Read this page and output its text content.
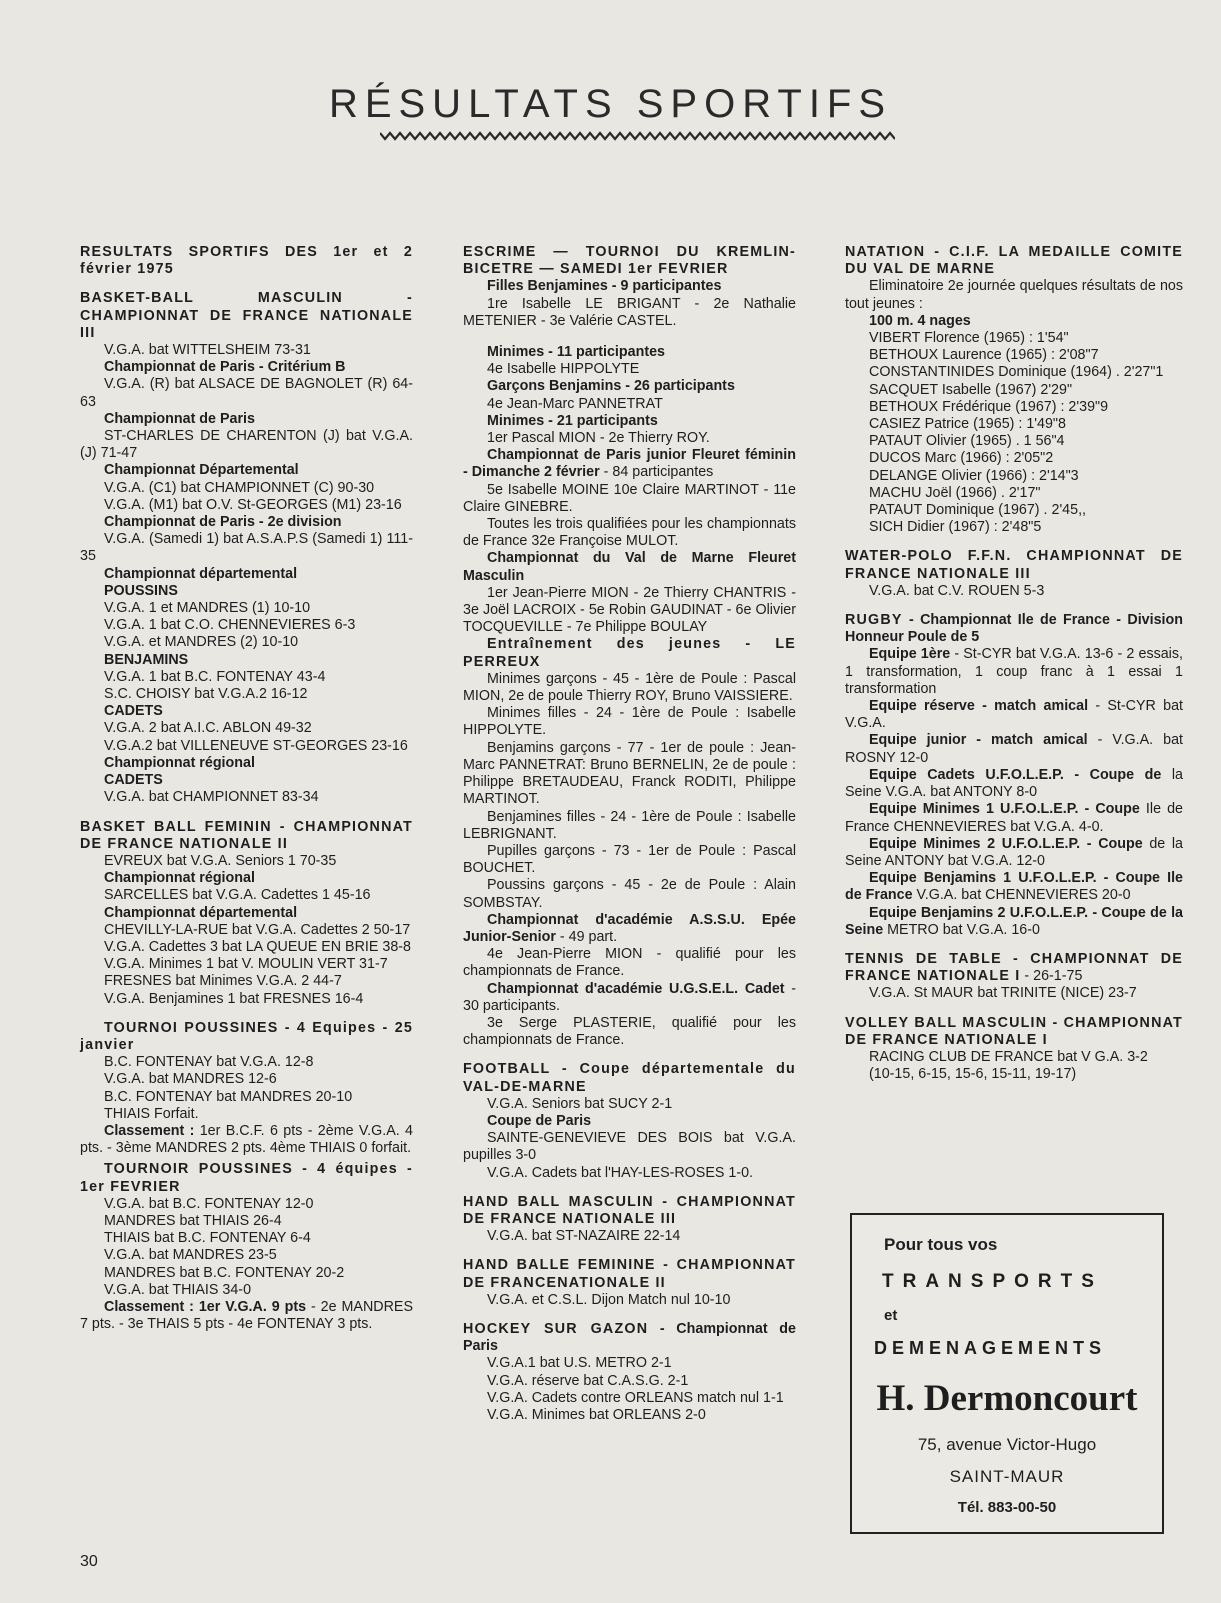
RÉSULTATS SPORTIFS
RESULTATS SPORTIFS DES 1er et 2 février 1975
BASKET-BALL MASCULIN - CHAMPIONNAT DE FRANCE NATIONALE III
V.G.A. bat WITTELSHEIM 73-31
Championnat de Paris - Critérium B
V.G.A. (R) bat ALSACE DE BAGNOLET (R) 64-63
Championnat de Paris
ST-CHARLES DE CHARENTON (J) bat V.G.A. (J) 71-47
Championnat Départemental
V.G.A. (C1) bat CHAMPIONNET (C) 90-30
V.G.A. (M1) bat O.V. St-GEORGES (M1) 23-16
Championnat de Paris - 2e division
V.G.A. (Samedi 1) bat A.S.A.P.S (Samedi 1) 111-35
Championnat départemental
POUSSINS
V.G.A. 1 et MANDRES (1) 10-10
V.G.A. 1 bat C.O. CHENNEVIERES 6-3
V.G.A. et MANDRES (2) 10-10
BENJAMINS
V.G.A. 1 bat B.C. FONTENAY 43-4
S.C. CHOISY bat V.G.A.2 16-12
CADETS
V.G.A. 2 bat A.I.C. ABLON 49-32
V.G.A.2 bat VILLENEUVE ST-GEORGES 23-16
Championnat régional
CADETS
V.G.A. bat CHAMPIONNET 83-34
BASKET BALL FEMININ - CHAMPIONNAT DE FRANCE NATIONALE II
EVREUX bat V.G.A. Seniors 1 70-35
Championnat régional
SARCELLES bat V.G.A. Cadettes 1 45-16
Championnat départemental
CHEVILLY-LA-RUE bat V.G.A. Cadettes 2 50-17
V.G.A. Cadettes 3 bat LA QUEUE EN BRIE 38-8
V.G.A. Minimes 1 bat V. MOULIN VERT 31-7
FRESNES bat Minimes V.G.A. 2 44-7
V.G.A. Benjamines 1 bat FRESNES 16-4
TOURNOI POUSSINES - 4 Equipes - 25 janvier
B.C. FONTENAY bat V.G.A. 12-8
V.G.A. bat MANDRES 12-6
B.C. FONTENAY bat MANDRES 20-10
THIAIS Forfait.
Classement : 1er B.C.F. 6 pts - 2ème V.G.A. 4 pts. - 3ème MANDRES 2 pts. 4ème THIAIS 0 forfait.
TOURNOIR POUSSINES - 4 équipes - 1er FEVRIER
V.G.A. bat B.C. FONTENAY 12-0
MANDRES bat THIAIS 26-4
THIAIS bat B.C. FONTENAY 6-4
V.G.A. bat MANDRES 23-5
MANDRES bat B.C. FONTENAY 20-2
V.G.A. bat THIAIS 34-0
Classement : 1er V.G.A. 9 pts - 2e MANDRES 7 pts. - 3e THAIS 5 pts - 4e FONTENAY 3 pts.
ESCRIME — TOURNOI DU KREMLIN-BICETRE — SAMEDI 1er FEVRIER
Filles Benjamines - 9 participantes
1re Isabelle LE BRIGANT - 2e Nathalie METENIER - 3e Valérie CASTEL.
Minimes - 11 participantes
4e Isabelle HIPPOLYTE
Garçons Benjamins - 26 participants
4e Jean-Marc PANNETRAT
Minimes - 21 participants
1er Pascal MION - 2e Thierry ROY.
Championnat de Paris junior Fleuret féminin - Dimanche 2 février - 84 participantes
5e Isabelle MOINE 10e Claire MARTINOT - 11e Claire GINEBRE.
Toutes les trois qualifiées pour les championnats de France 32e Françoise MULOT.
Championnat du Val de Marne Fleuret Masculin
1er Jean-Pierre MION - 2e Thierry CHANTRIS - 3e Joël LACROIX - 5e Robin GAUDINAT - 6e Olivier TOCQUEVILLE - 7e Philippe BOULAY
Entraînement des jeunes - LE PERREUX
Minimes garçons - 45 - 1ère de Poule : Pascal MION, 2e de poule Thierry ROY, Bruno VAISSIERE.
Minimes filles - 24 - 1ère de Poule : Isabelle HIPPOLYTE.
Benjamins garçons - 77 - 1er de poule : Jean-Marc PANNETRAT: Bruno BERNELIN, 2e de poule : Philippe BRETAUDEAU, Franck RODITI, Philippe MARTINOT.
Benjamines filles - 24 - 1ère de Poule : Isabelle LEBRIGNANT.
Pupilles garçons - 73 - 1er de Poule : Pascal BOUCHET.
Poussins garçons - 45 - 2e de Poule : Alain SOMBSTAY.
Championnat d'académie A.S.S.U. Epée Junior-Senior - 49 part.
4e Jean-Pierre MION - qualifié pour les championnats de France.
Championnat d'académie U.G.S.E.L. Cadet - 30 participants.
3e Serge PLASTERIE, qualifié pour les championnats de France.
FOOTBALL - Coupe départementale du VAL-DE-MARNE
V.G.A. Seniors bat SUCY 2-1
Coupe de Paris
SAINTE-GENEVIEVE DES BOIS bat V.G.A. pupilles 3-0
V.G.A. Cadets bat l'HAY-LES-ROSES 1-0.
HAND BALL MASCULIN - CHAMPIONNAT DE FRANCE NATIONALE III
V.G.A. bat ST-NAZAIRE 22-14
HAND BALLE FEMININE - CHAMPIONNAT DE FRANCENATIONALE II
V.G.A. et C.S.L. Dijon Match nul 10-10
HOCKEY SUR GAZON - Championnat de Paris
V.G.A.1 bat U.S. METRO 2-1
V.G.A. réserve bat C.A.S.G. 2-1
V.G.A. Cadets contre ORLEANS match nul 1-1
V.G.A. Minimes bat ORLEANS 2-0
NATATION - C.I.F. LA MEDAILLE COMITE DU VAL DE MARNE
Eliminatoire 2e journée quelques résultats de nos tout jeunes :
100 m. 4 nages
VIBERT Florence (1965) : 1'54"
BETHOUX Laurence (1965) : 2'08"7
CONSTANTINIDES Dominique (1964) . 2'27"1
SACQUET Isabelle (1967) 2'29"
BETHOUX Frédérique (1967) : 2'39"9
CASIEZ Patrice (1965) : 1'49"8
PATAUT Olivier (1965) . 1 56"4
DUCOS Marc (1966) : 2'05"2
DELANGE Olivier (1966) : 2'14"3
MACHU Joël (1966) . 2'17"
PATAUT Dominique (1967) . 2'45,,
SICH Didier (1967) : 2'48"5
WATER-POLO F.F.N. CHAMPIONNAT DE FRANCE NATIONALE III
V.G.A. bat C.V. ROUEN 5-3
RUGBY - Championnat Ile de France - Division Honneur Poule de 5
Equipe 1ère - St-CYR bat V.G.A. 13-6 - 2 essais, 1 transformation, 1 coup franc à 1 essai 1 transformation
Equipe réserve - match amical - St-CYR bat V.G.A.
Equipe junior - match amical - V.G.A. bat ROSNY 12-0
Equipe Cadets U.F.O.L.E.P. - Coupe de la Seine V.G.A. bat ANTONY 8-0
Equipe Minimes 1 U.F.O.L.E.P. - Coupe Ile de France CHENNEVIERES bat V.G.A. 4-0.
Equipe Minimes 2 U.F.O.L.E.P. - Coupe de la Seine ANTONY bat V.G.A. 12-0
Equipe Benjamins 1 U.F.O.L.E.P. - Coupe Ile de France V.G.A. bat CHENNEVIERES 20-0
Equipe Benjamins 2 U.F.O.L.E.P. - Coupe de la Seine METRO bat V.G.A. 16-0
TENNIS DE TABLE - CHAMPIONNAT DE FRANCE NATIONALE I - 26-1-75
V.G.A. St MAUR bat TRINITE (NICE) 23-7
VOLLEY BALL MASCULIN - CHAMPIONNAT DE FRANCE NATIONALE I
RACING CLUB DE FRANCE bat V G.A. 3-2
(10-15, 6-15, 15-6, 15-11, 19-17)
Pour tous vos
TRANSPORTS
et
DEMENAGEMENTS
H. Dermoncourt
75, avenue Victor-Hugo
SAINT-MAUR
Tél. 883-00-50
30
